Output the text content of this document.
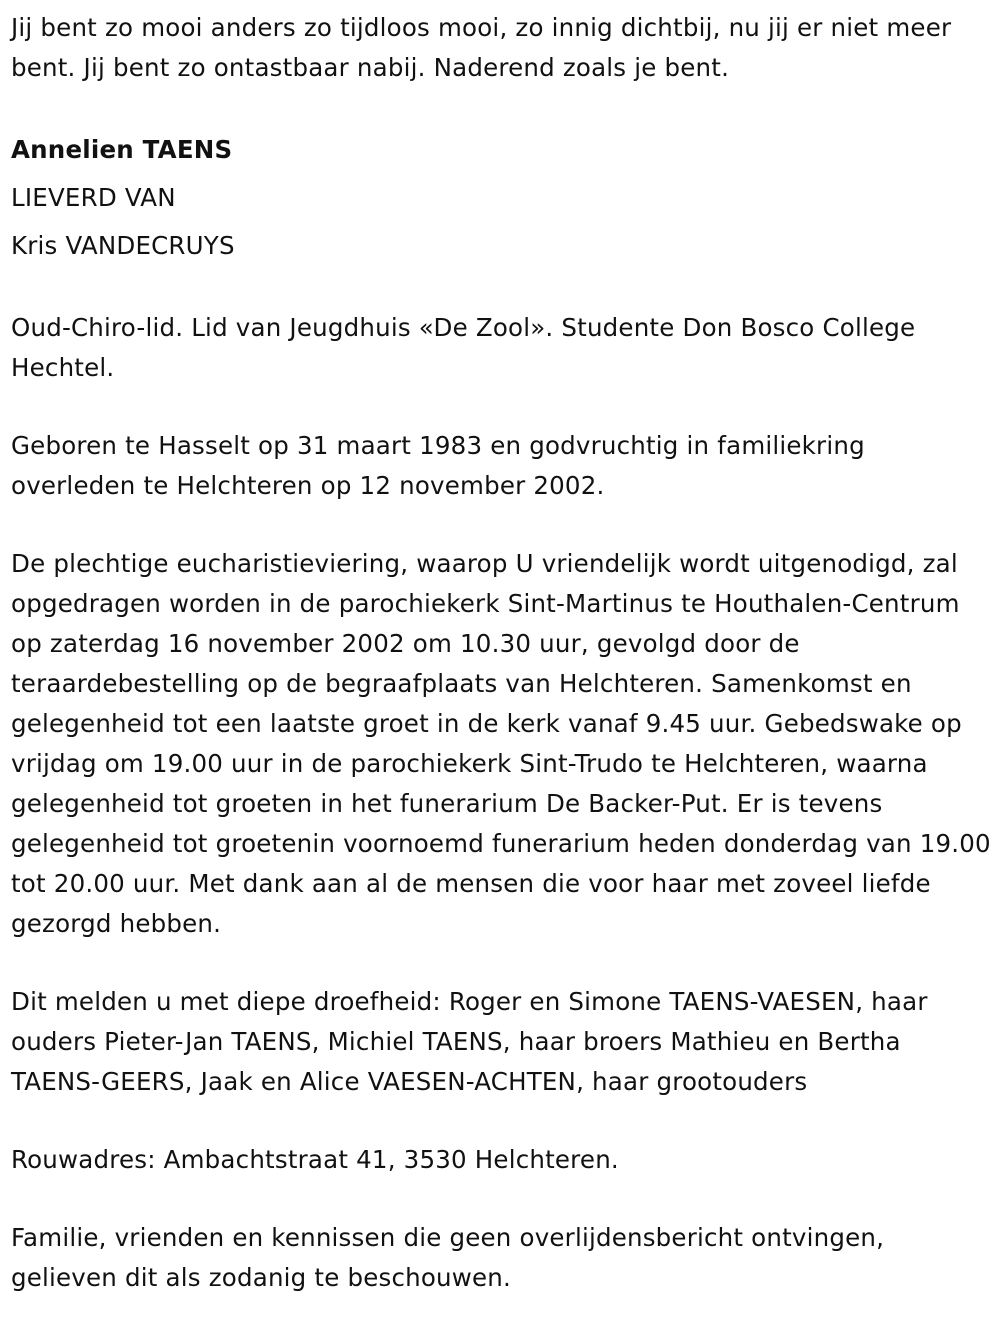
Jij bent zo mooi anders zo tijdloos mooi, zo innig dichtbij, nu jij er niet meer bent. Jij bent zo ontastbaar nabij. Naderend zoals je bent.

Annelien TAENS

LIEVERD VAN

Kris VANDECRUYS

Oud-Chiro-lid. Lid van Jeugdhuis «De Zool». Studente Don Bosco College Hechtel.

Geboren te Hasselt op 31 maart 1983 en godvruchtig in familiekring overleden te Helchteren op 12 november 2002.

De plechtige eucharistieviering, waarop U vriendelijk wordt uitgenodigd, zal opgedragen worden in de parochiekerk Sint-Martinus te Houthalen-Centrum op zaterdag 16 november 2002 om 10.30 uur, gevolgd door de teraardebestelling op de begraafplaats van Helchteren. Samenkomst en gelegenheid tot een laatste groet in de kerk vanaf 9.45 uur. Gebedswake op vrijdag om 19.00 uur in de parochiekerk Sint-Trudo te Helchteren, waarna gelegenheid tot groeten in het funerarium De Backer-Put. Er is tevens gelegenheid tot groetenin voornoemd funerarium heden donderdag van 19.00 tot 20.00 uur. Met dank aan al de mensen die voor haar met zoveel liefde gezorgd hebben.

Dit melden u met diepe droefheid: Roger en Simone TAENS-VAESEN, haar ouders Pieter-Jan TAENS, Michiel TAENS, haar broers Mathieu en Bertha TAENS-GEERS, Jaak en Alice VAESEN-ACHTEN, haar grootouders

Rouwadres: Ambachtstraat 41, 3530 Helchteren.

Familie, vrienden en kennissen die geen overlijdensbericht ontvingen, gelieven dit als zodanig te beschouwen.
